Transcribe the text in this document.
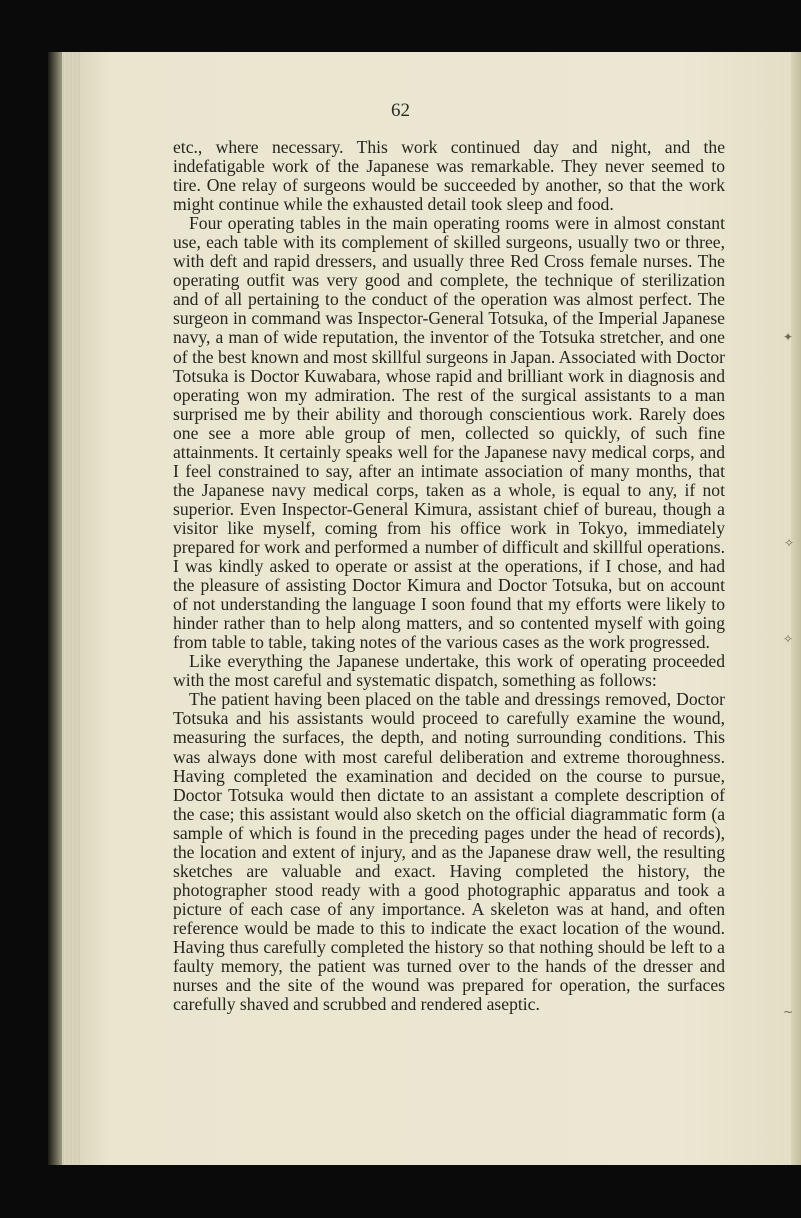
✦
✧
✧
~
62

etc., where necessary. This work continued day and night, and the indefatigable work of the Japanese was remarkable. They never seemed to tire. One relay of surgeons would be succeeded by another, so that the work might continue while the exhausted detail took sleep and food.

Four operating tables in the main operating rooms were in almost constant use, each table with its complement of skilled surgeons, usually two or three, with deft and rapid dressers, and usually three Red Cross female nurses. The operating outfit was very good and complete, the technique of sterilization and of all pertaining to the conduct of the operation was almost perfect. The surgeon in command was Inspector-General Totsuka, of the Imperial Japanese navy, a man of wide reputation, the inventor of the Totsuka stretcher, and one of the best known and most skillful surgeons in Japan. Associated with Doctor Totsuka is Doctor Kuwabara, whose rapid and brilliant work in diagnosis and operating won my admiration. The rest of the surgical assistants to a man surprised me by their ability and thorough conscientious work. Rarely does one see a more able group of men, collected so quickly, of such fine attainments. It certainly speaks well for the Japanese navy medical corps, and I feel constrained to say, after an intimate association of many months, that the Japanese navy medical corps, taken as a whole, is equal to any, if not superior. Even Inspector-General Kimura, assistant chief of bureau, though a visitor like myself, coming from his office work in Tokyo, immediately prepared for work and performed a number of difficult and skillful operations. I was kindly asked to operate or assist at the operations, if I chose, and had the pleasure of assisting Doctor Kimura and Doctor Totsuka, but on account of not understanding the language I soon found that my efforts were likely to hinder rather than to help along matters, and so contented myself with going from table to table, taking notes of the various cases as the work progressed.

Like everything the Japanese undertake, this work of operating proceeded with the most careful and systematic dispatch, something as follows:

The patient having been placed on the table and dressings removed, Doctor Totsuka and his assistants would proceed to carefully examine the wound, measuring the surfaces, the depth, and noting surrounding conditions. This was always done with most careful deliberation and extreme thoroughness. Having completed the examination and decided on the course to pursue, Doctor Totsuka would then dictate to an assistant a complete description of the case; this assistant would also sketch on the official diagrammatic form (a sample of which is found in the preceding pages under the head of records), the location and extent of injury, and as the Japanese draw well, the resulting sketches are valuable and exact. Having completed the history, the photographer stood ready with a good photographic apparatus and took a picture of each case of any importance. A skeleton was at hand, and often reference would be made to this to indicate the exact location of the wound. Having thus carefully completed the history so that nothing should be left to a faulty memory, the patient was turned over to the hands of the dresser and nurses and the site of the wound was prepared for operation, the surfaces carefully shaved and scrubbed and rendered aseptic.
